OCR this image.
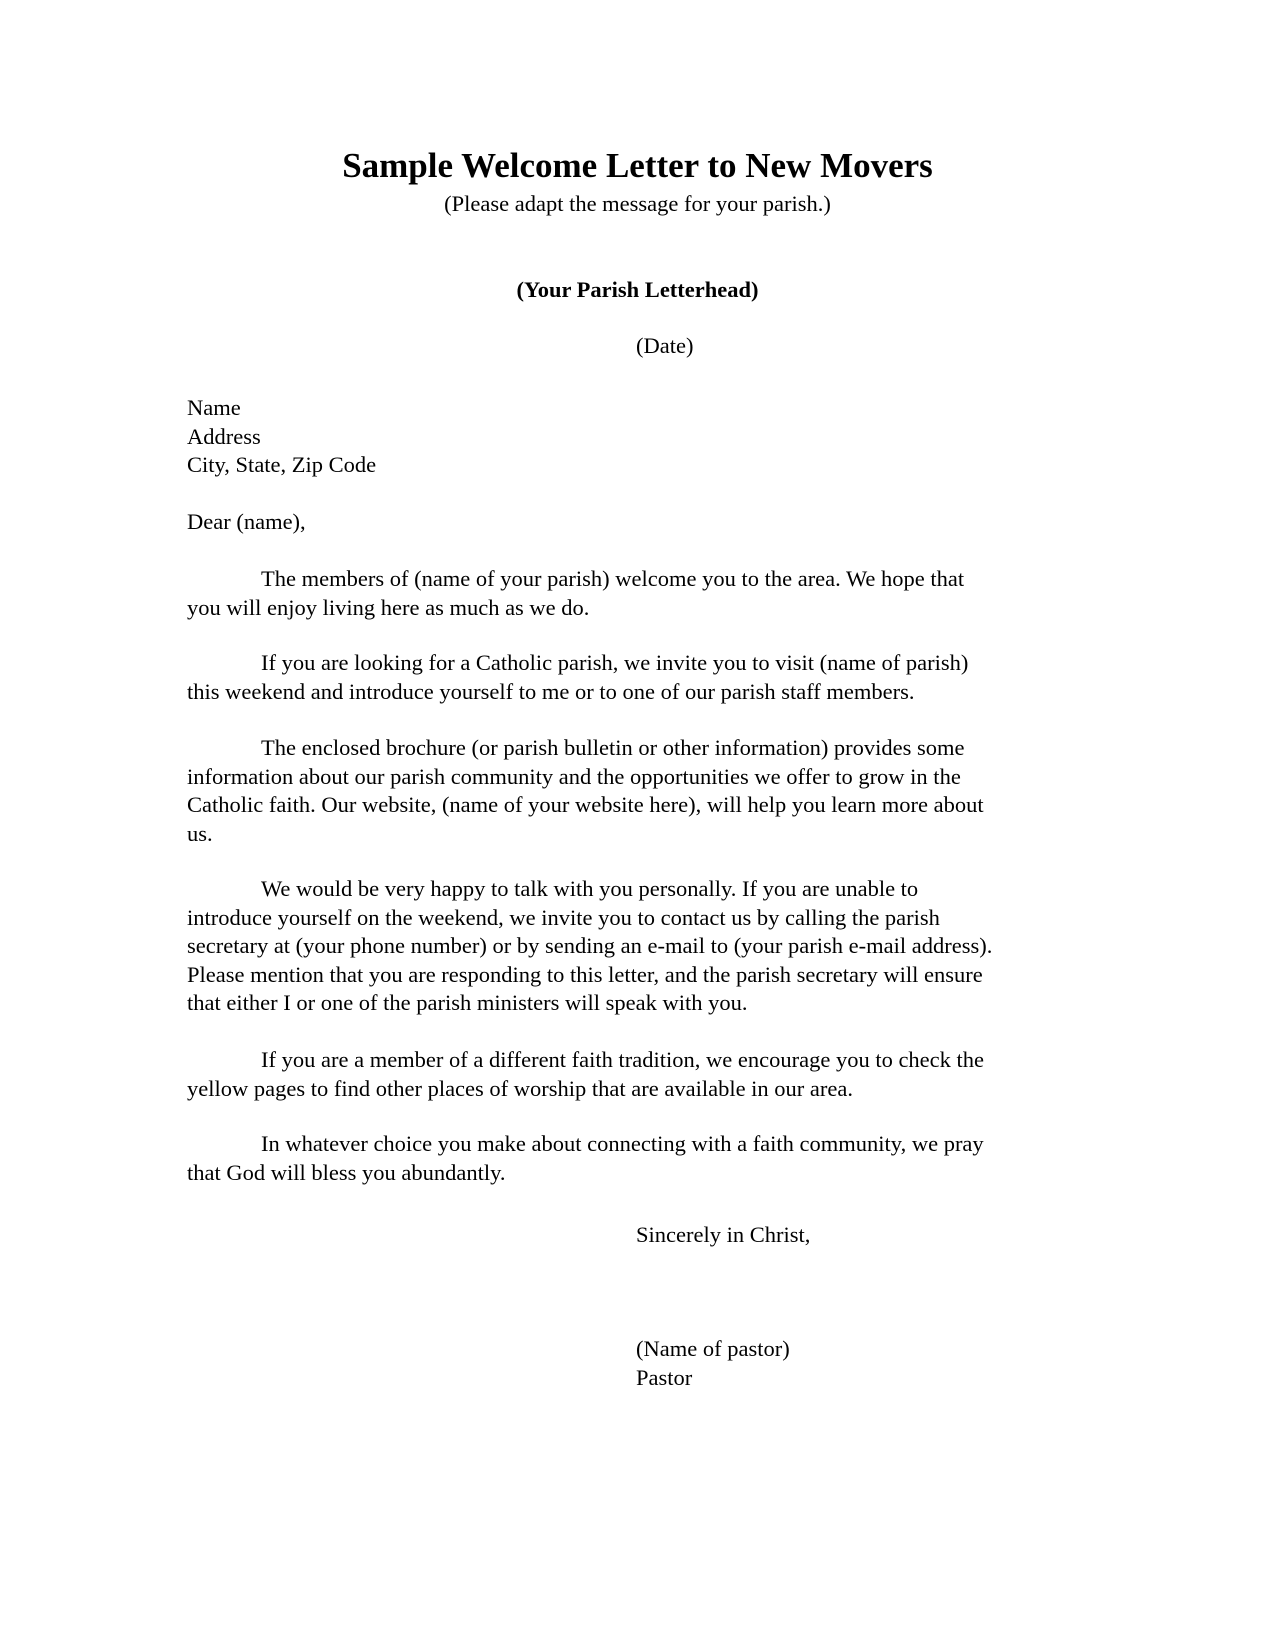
Sample Welcome Letter to New Movers
(Please adapt the message for your parish.)
(Your Parish Letterhead)
(Date)
Name
Address
City, State, Zip Code
Dear (name),

The members of (name of your parish) welcome you to the area. We hope that
you will enjoy living here as much as we do.

If you are looking for a Catholic parish, we invite you to visit (name of parish)
this weekend and introduce yourself to me or to one of our parish staff members.

The enclosed brochure (or parish bulletin or other information) provides some
information about our parish community and the opportunities we offer to grow in the
Catholic faith. Our website, (name of your website here), will help you learn more about
us.

We would be very happy to talk with you personally. If you are unable to
introduce yourself on the weekend, we invite you to contact us by calling the parish
secretary at (your phone number) or by sending an e-mail to (your parish e-mail address).
Please mention that you are responding to this letter, and the parish secretary will ensure
that either I or one of the parish ministers will speak with you.

If you are a member of a different faith tradition, we encourage you to check the
yellow pages to find other places of worship that are available in our area.

In whatever choice you make about connecting with a faith community, we pray
that God will bless you abundantly.

Sincerely in Christ,
(Name of pastor)
Pastor
